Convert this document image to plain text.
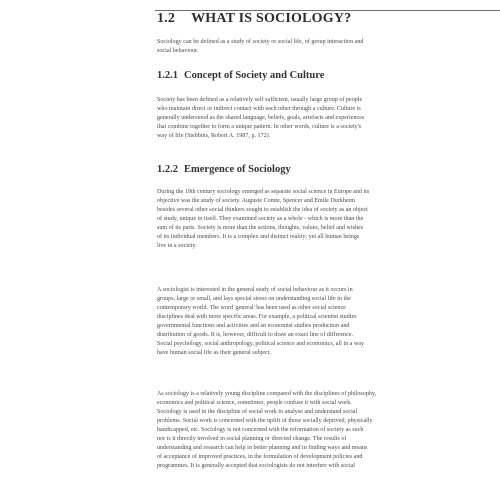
1.2 WHAT IS SOCIOLOGY?
Sociology can be defined as a study of society or social life, of group interaction and
social behaviour.
1.2.1 Concept of Society and Culture
Society has been defined as a relatively self sufficient, usually large group of people
who maintain direct or indirect contact with each other through a culture. Culture is
generally understood as the shared language, beliefs, goals, artefacts and experiences
that combine together to form a unique pattern. In other words, culture is a society's
way of life (Stebbins, Robert A. 1987, p. 172).
1.2.2 Emergence of Sociology
During the 19th century sociology emerged as separate social science in Europe and its
objective was the study of society. Auguste Comte, Spencer and Emile Durkheim
besides several other social thinkers sought to establish the idea of society as an object
of study, unique in itself. They examined society as a whole - which is more than the
sum of its parts. Society is more than the actions, thoughts, values, belief and wishes
of its individual members. It is a complex and distinct reality; yet all human beings
live in a society.
A sociologist is interested in the general study of social behaviour as it occurs in
groups, large or small, and lays special stress on understanding social life in the
contemporary world. The word 'general' has been used as other social science
disciplines deal with more specific areas. For example, a political scientist studies
governmental functions and activities and an economist studies production and
distribution of goods. It is, however, difficult to draw an exact line of difference.
Social psychology, social anthropology, political science and economics, all in a way
have human social life as their general subject.
As sociology is a relatively young discipline compared with the disciplines of philosophy,
economics and political science, sometimes, people confuse it with social work.
Sociology is used in the discipline of social work to analyse and understand social
problems. Social work is concerned with the uplift of those socially deprived, physically
handicapped, etc. Sociology is not concerned with the reformation of society as such
nor is it directly involved in social planning or directed change. The results of
understanding and research can help in better planning and in finding ways and means
of acceptance of improved practices, in the formulation of development policies and
programmes. It is generally accepted that sociologists do not interfere with social
